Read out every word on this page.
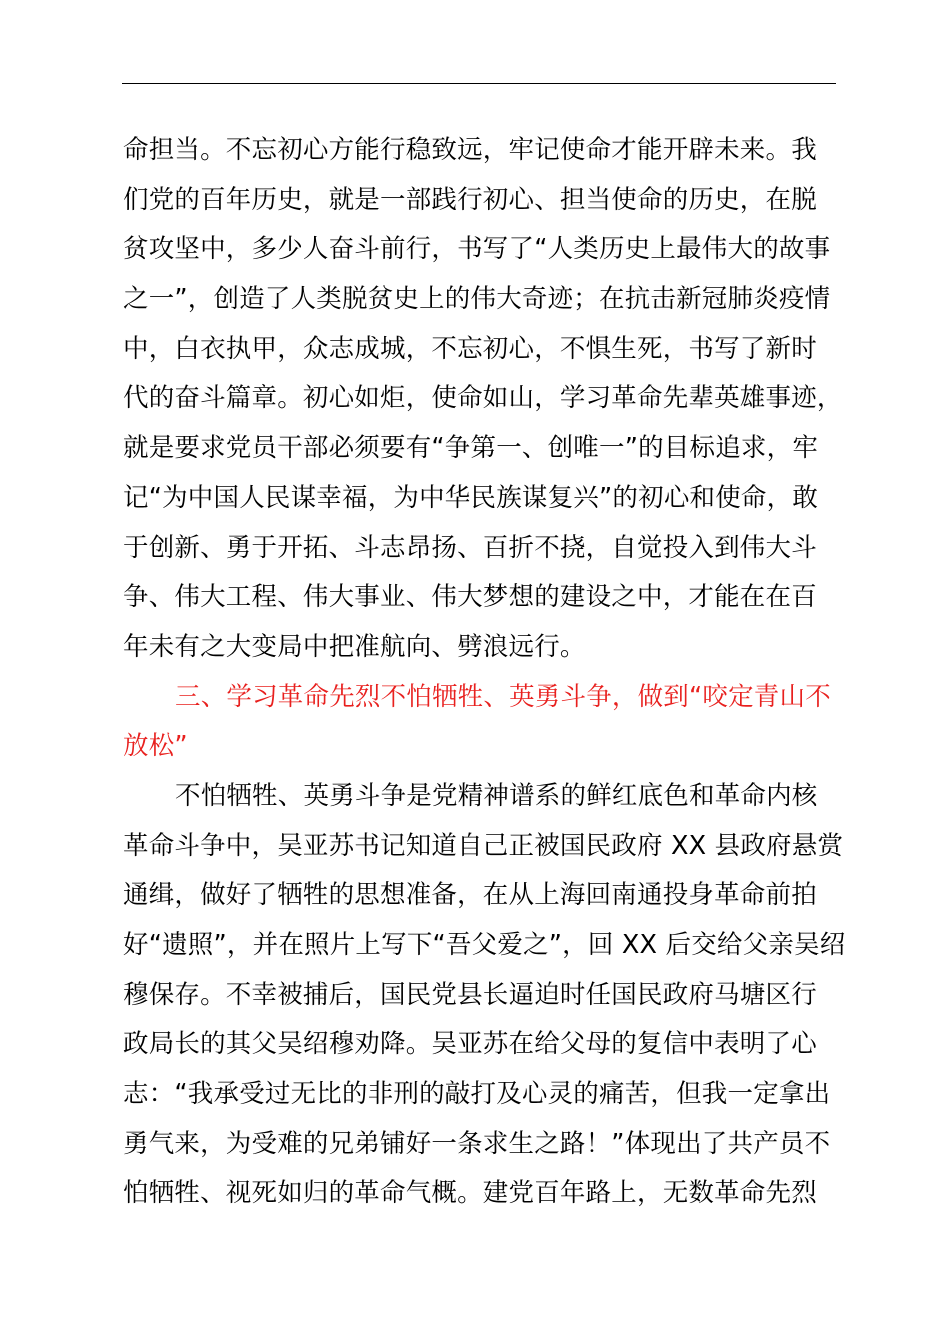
命担当。不忘初心方能行稳致远，牢记使命才能开辟未来。我
们党的百年历史，就是一部践行初心、担当使命的历史，在脱
贫攻坚中，多少人奋斗前行，书写了“人类历史上最伟大的故事
之一”，创造了人类脱贫史上的伟大奇迹；在抗击新冠肺炎疫情
中，白衣执甲，众志成城，不忘初心，不惧生死，书写了新时
代的奋斗篇章。初心如炬，使命如山，学习革命先辈英雄事迹，
就是要求党员干部必须要有“争第一、创唯一”的目标追求，牢
记“为中国人民谋幸福，为中华民族谋复兴”的初心和使命，敢
于创新、勇于开拓、斗志昂扬、百折不挠，自觉投入到伟大斗
争、伟大工程、伟大事业、伟大梦想的建设之中，才能在在百
年未有之大变局中把准航向、劈浪远行。
三、学习革命先烈不怕牺牲、英勇斗争，做到“咬定青山不
放松”
不怕牺牲、英勇斗争是党精神谱系的鲜红底色和革命内核
革命斗争中，吴亚苏书记知道自己正被国民政府 XX 县政府悬赏
通缉，做好了牺牲的思想准备，在从上海回南通投身革命前拍
好“遗照”，并在照片上写下“吾父爱之”，回 XX 后交给父亲吴绍
穆保存。不幸被捕后，国民党县长逼迫时任国民政府马塘区行
政局长的其父吴绍穆劝降。吴亚苏在给父母的复信中表明了心
志：“我承受过无比的非刑的敲打及心灵的痛苦，但我一定拿出
勇气来，为受难的兄弟铺好一条求生之路！”体现出了共产员不
怕牺牲、视死如归的革命气概。建党百年路上，无数革命先烈
